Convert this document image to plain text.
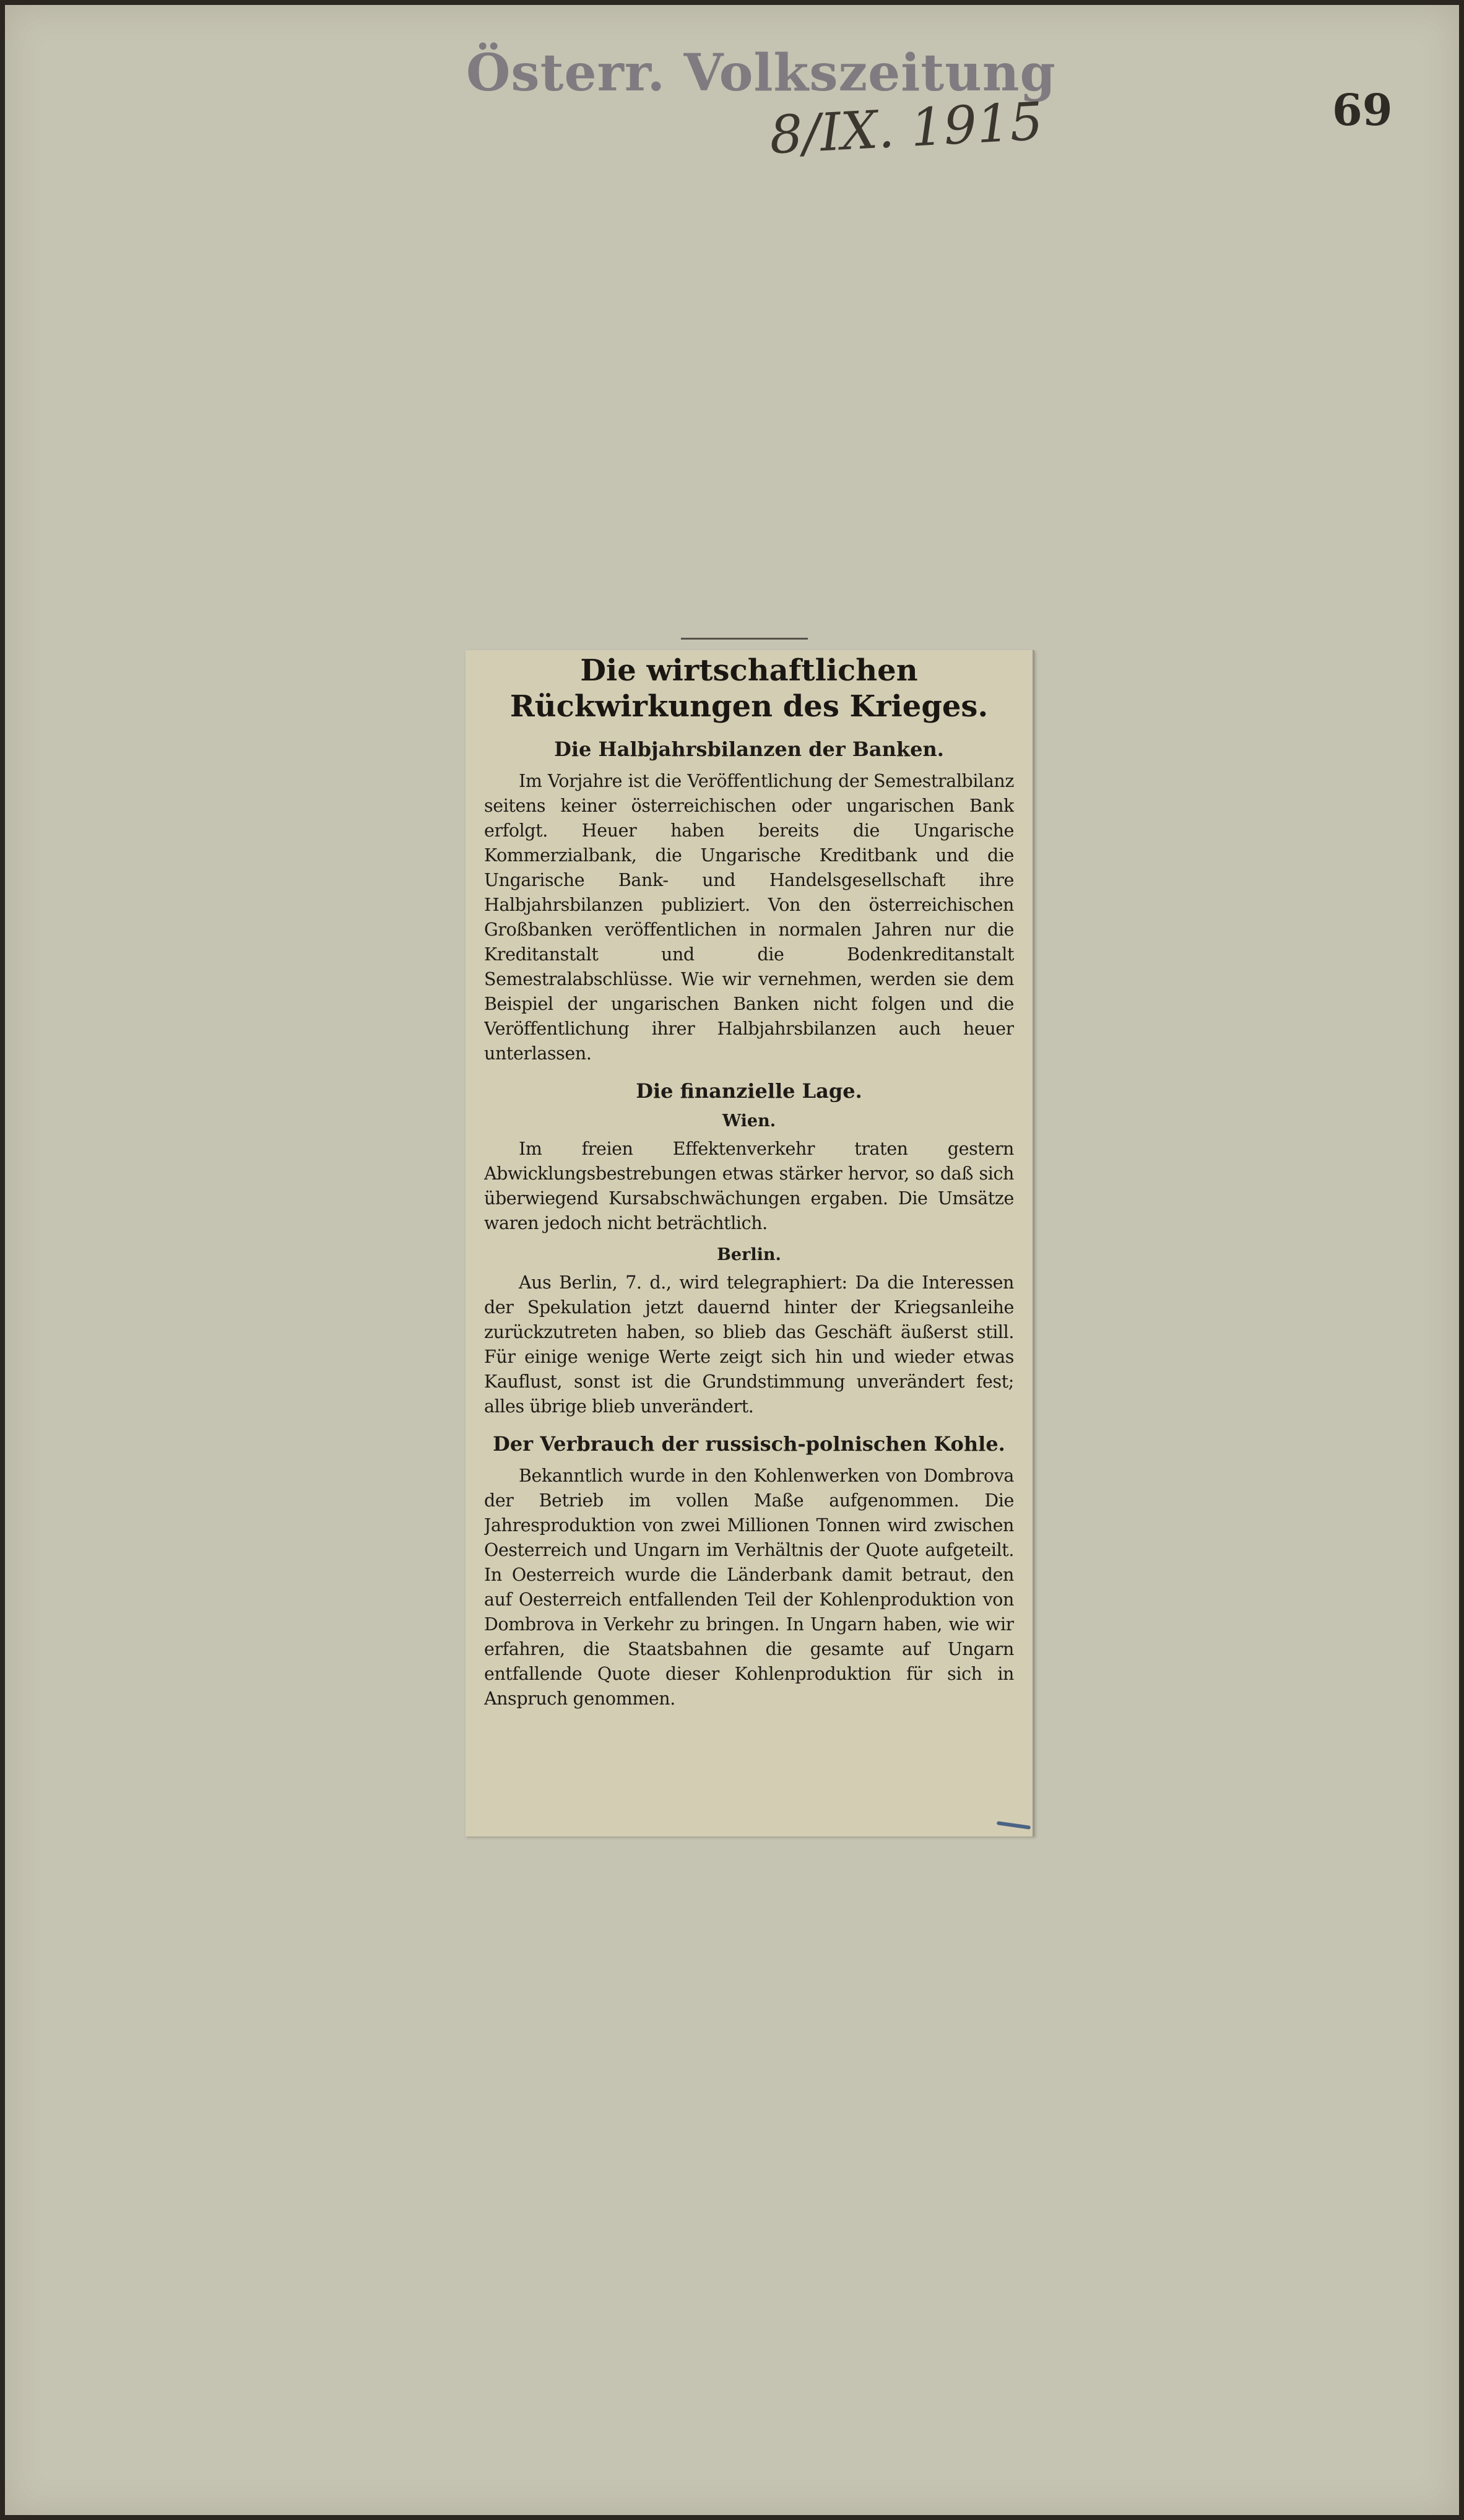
Österr. Volkszeitung
8/IX. 1915	69
Die wirtschaftlichen Rückwirkungen des Krieges.
Die Halbjahrsbilanzen der Banken.

Im Vorjahre ist die Veröffentlichung der Semestralbilanz seitens keiner österreichischen oder ungarischen Bank erfolgt. Heuer haben bereits die Ungarische Kommerzialbank, die Ungarische Kreditbank und die Ungarische Bank- und Handelsgesellschaft ihre Halbjahrsbilanzen publiziert. Von den österreichischen Großbanken veröffentlichen in normalen Jahren nur die Kreditanstalt und die Bodenkreditanstalt Semestralabschlüsse. Wie wir vernehmen, werden sie dem Beispiel der ungarischen Banken nicht folgen und die Veröffentlichung ihrer Halbjahrsbilanzen auch heuer unterlassen.

Die finanzielle Lage.
Wien.

Im freien Effektenverkehr traten gestern Abwicklungsbestrebungen etwas stärker hervor, so daß sich überwiegend Kursabschwächungen ergaben. Die Umsätze waren jedoch nicht beträchtlich.

Berlin.

Aus Berlin, 7. d., wird telegraphiert: Da die Interessen der Spekulation jetzt dauernd hinter der Kriegsanleihe zurückzutreten haben, so blieb das Geschäft äußerst still. Für einige wenige Werte zeigt sich hin und wieder etwas Kauflust, sonst ist die Grundstimmung unverändert fest; alles übrige blieb unverändert.

Der Verbrauch der russisch-polnischen Kohle.

Bekanntlich wurde in den Kohlenwerken von Dombrova der Betrieb im vollen Maße aufgenommen. Die Jahresproduktion von zwei Millionen Tonnen wird zwischen Oesterreich und Ungarn im Verhältnis der Quote aufgeteilt. In Oesterreich wurde die Länderbank damit betraut, den auf Oesterreich entfallenden Teil der Kohlenproduktion von Dombrova in Verkehr zu bringen. In Ungarn haben, wie wir erfahren, die Staatsbahnen die gesamte auf Ungarn entfallende Quote dieser Kohlenproduktion für sich in Anspruch genommen.
